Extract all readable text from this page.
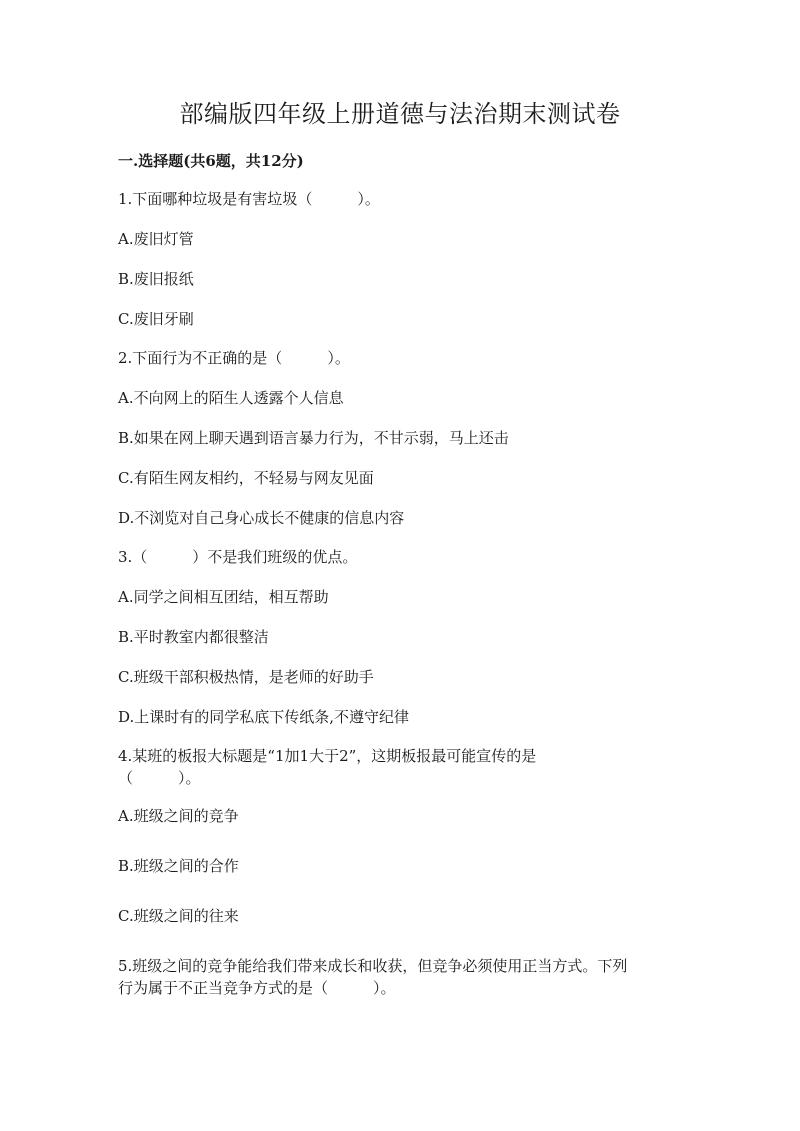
部编版四年级上册道德与法治期末测试卷
一.选择题(共6题，共12分)
1.下面哪种垃圾是有害垃圾（　　　）。
A.废旧灯管
B.废旧报纸
C.废旧牙刷
2.下面行为不正确的是（　　　）。
A.不向网上的陌生人透露个人信息
B.如果在网上聊天遇到语言暴力行为，不甘示弱，马上还击
C.有陌生网友相约，不轻易与网友见面
D.不浏览对自己身心成长不健康的信息内容
3.（　　　）不是我们班级的优点。
A.同学之间相互团结，相互帮助
B.平时教室内都很整洁
C.班级干部积极热情，是老师的好助手
D.上课时有的同学私底下传纸条,不遵守纪律
4.某班的板报大标题是“1加1大于2”，这期板报最可能宣传的是
（　　　）。
A.班级之间的竞争
B.班级之间的合作
C.班级之间的往来
5.班级之间的竞争能给我们带来成长和收获，但竞争必须使用正当方式。下列
行为属于不正当竞争方式的是（　　　）。
